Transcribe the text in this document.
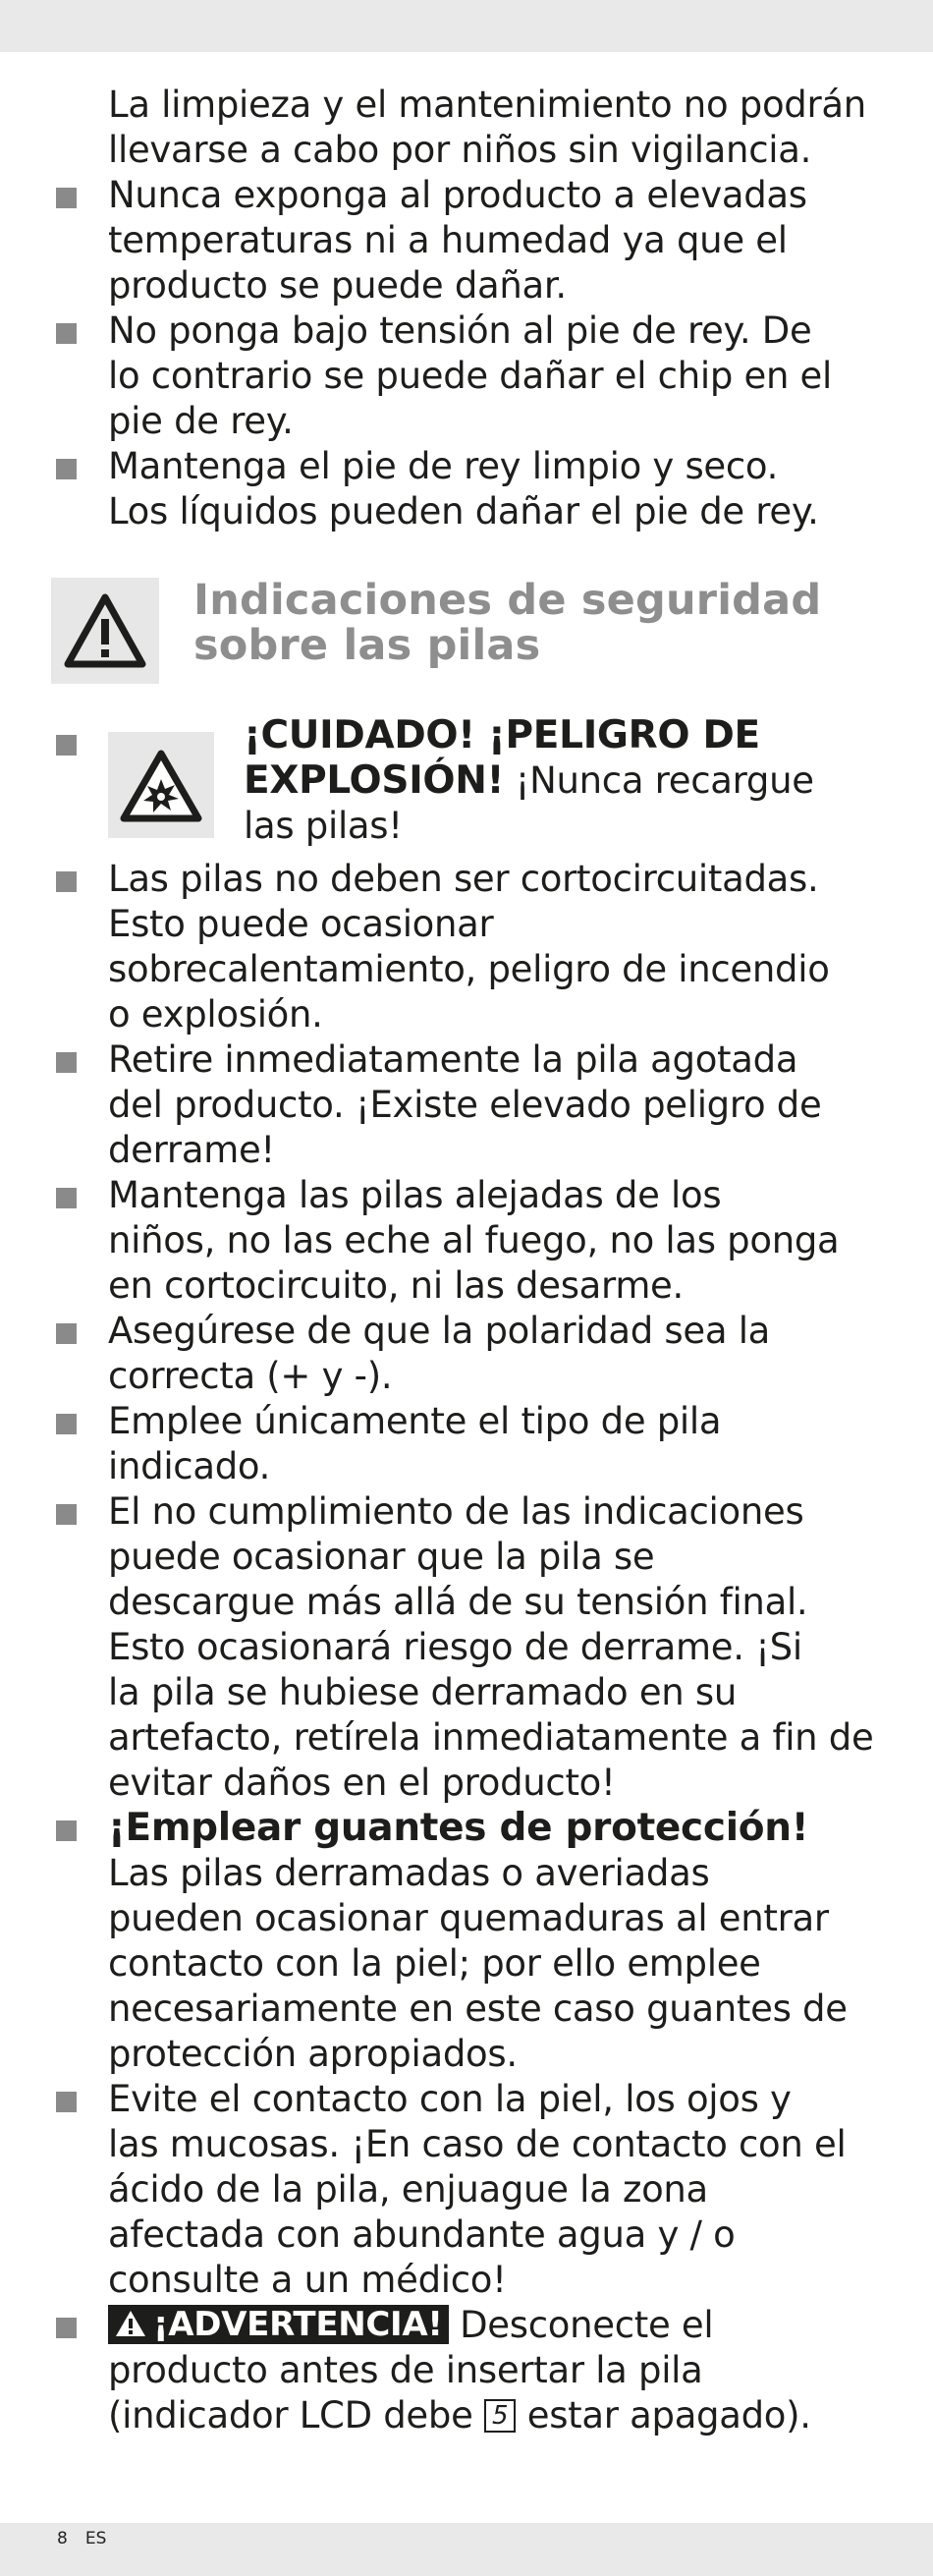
La limpieza y el mantenimiento no podrán

llevarse a cabo por niños sin vigilancia.

Nunca exponga al producto a elevadas

temperaturas ni a humedad ya que el

producto se puede dañar.

No ponga bajo tensión al pie de rey. De

lo contrario se puede dañar el chip en el

pie de rey.

Mantenga el pie de rey limpio y seco.

Los líquidos pueden dañar el pie de rey.

Indicaciones de seguridad
sobre las pilas

¡CUIDADO! ¡PELIGRO DE

EXPLOSIÓN! ¡Nunca recargue

las pilas!

Las pilas no deben ser cortocircuitadas.

Esto puede ocasionar

sobrecalentamiento, peligro de incendio

o explosión.

Retire inmediatamente la pila agotada

del producto. ¡Existe elevado peligro de

derrame!

Mantenga las pilas alejadas de los

niños, no las eche al fuego, no las ponga

en cortocircuito, ni las desarme.

Asegúrese de que la polaridad sea la

correcta (+ y -).

Emplee únicamente el tipo de pila

indicado.

El no cumplimiento de las indicaciones

puede ocasionar que la pila se

descargue más allá de su tensión final.

Esto ocasionará riesgo de derrame. ¡Si

la pila se hubiese derramado en su

artefacto, retírela inmediatamente a fin de

evitar daños en el producto!

¡Emplear guantes de protección!

Las pilas derramadas o averiadas

pueden ocasionar quemaduras al entrar

contacto con la piel; por ello emplee

necesariamente en este caso guantes de

protección apropiados.

Evite el contacto con la piel, los ojos y

las mucosas. ¡En caso de contacto con el

ácido de la pila, enjuague la zona

afectada con abundante agua y / o

consulte a un médico!

¡ADVERTENCIA! Desconecte el

producto antes de insertar la pila

(indicador LCD debe 5 estar apagado).

8 ES
